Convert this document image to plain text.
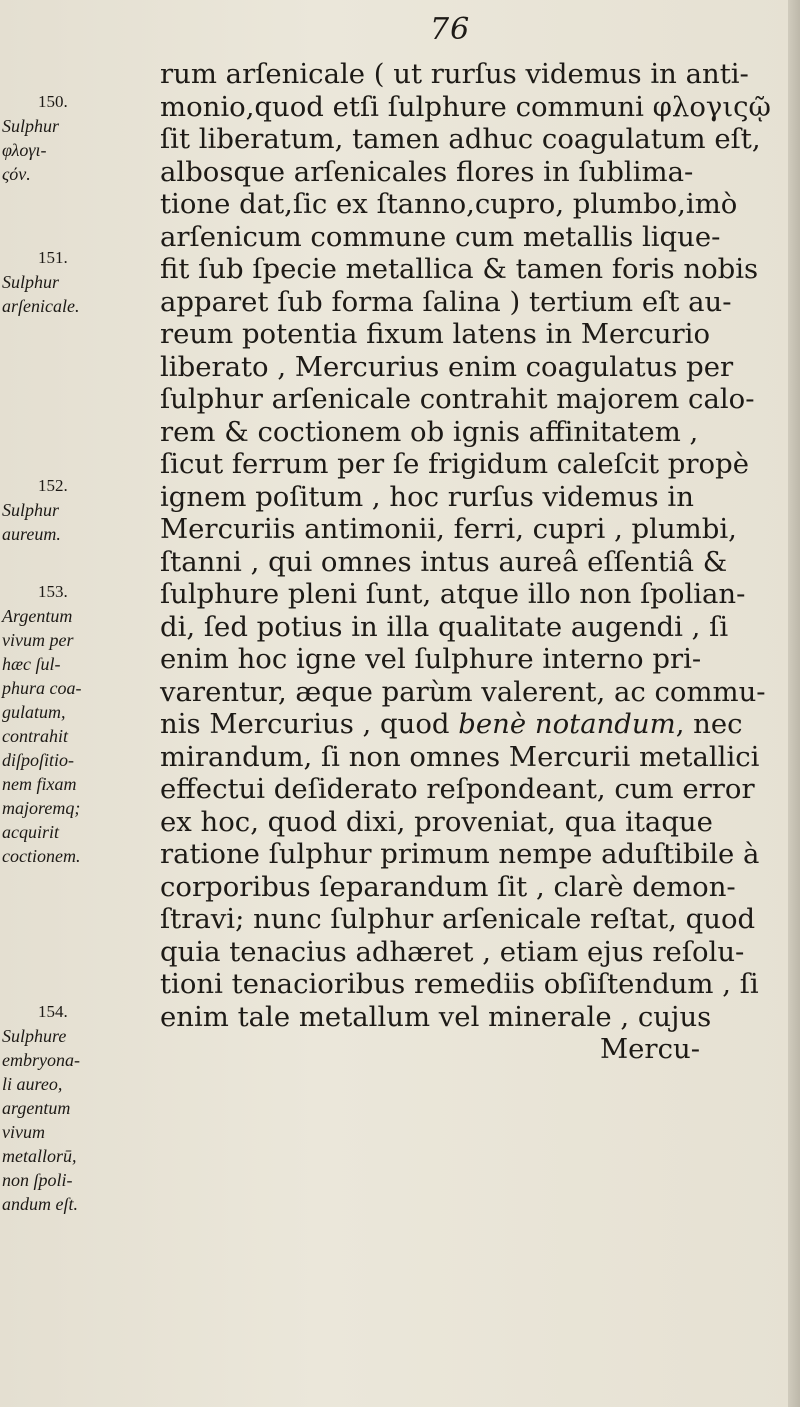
76
rum arſenicale ( ut rurſus videmus in anti-
monio,quod etſi ſulphure communi φλογιςῷ
ſit liberatum, tamen adhuc coagulatum eſt,
albosque arſenicales flores in ſublima-
tione dat,ſic ex ſtanno,cupro, plumbo,imò
arſenicum commune cum metallis lique-
fit ſub ſpecie metallica & tamen foris nobis
apparet ſub forma ſalina ) tertium eſt au-
reum potentia fixum latens in Mercurio
liberato , Mercurius enim coagulatus per
ſulphur arſenicale contrahit majorem calo-
rem & coctionem ob ignis affinitatem ,
ſicut ferrum per ſe frigidum caleſcit propè
ignem poſitum , hoc rurſus videmus in
Mercuriis antimonii, ferri, cupri , plumbi,
ſtanni , qui omnes intus aureâ eſſentiâ &
ſulphure pleni ſunt, atque illo non ſpolian-
di, ſed potius in illa qualitate augendi , ſi
enim hoc igne vel ſulphure interno pri-
varentur, æque parùm valerent, ac commu-
nis Mercurius , quod benè notandum, nec
mirandum, ſi non omnes Mercurii metallici
effectui deſiderato reſpondeant, cum error
ex hoc, quod dixi, proveniat, qua itaque
ratione ſulphur primum nempe aduſtibile à
corporibus ſeparandum ſit , clarè demon-
ſtravi; nunc ſulphur arſenicale reſtat, quod
quia tenacius adhæret , etiam ejus reſolu-
tioni tenacioribus remediis obſiſtendum , ſi
enim tale metallum vel minerale , cujus
Mercu-
150.
Sulphur
φλογι-
ςόν.
151.
Sulphur
arſenicale.
152.
Sulphur
aureum.
153.
Argentum
vivum per
hæc ſul-
phura coa-
gulatum,
contrahit
diſpoſitio-
nem fixam
majoremq;
acquirit
coctionem.
154.
Sulphure
embryona-
li aureo,
argentum
vivum
metallorū,
non ſpoli-
andum eſt.
